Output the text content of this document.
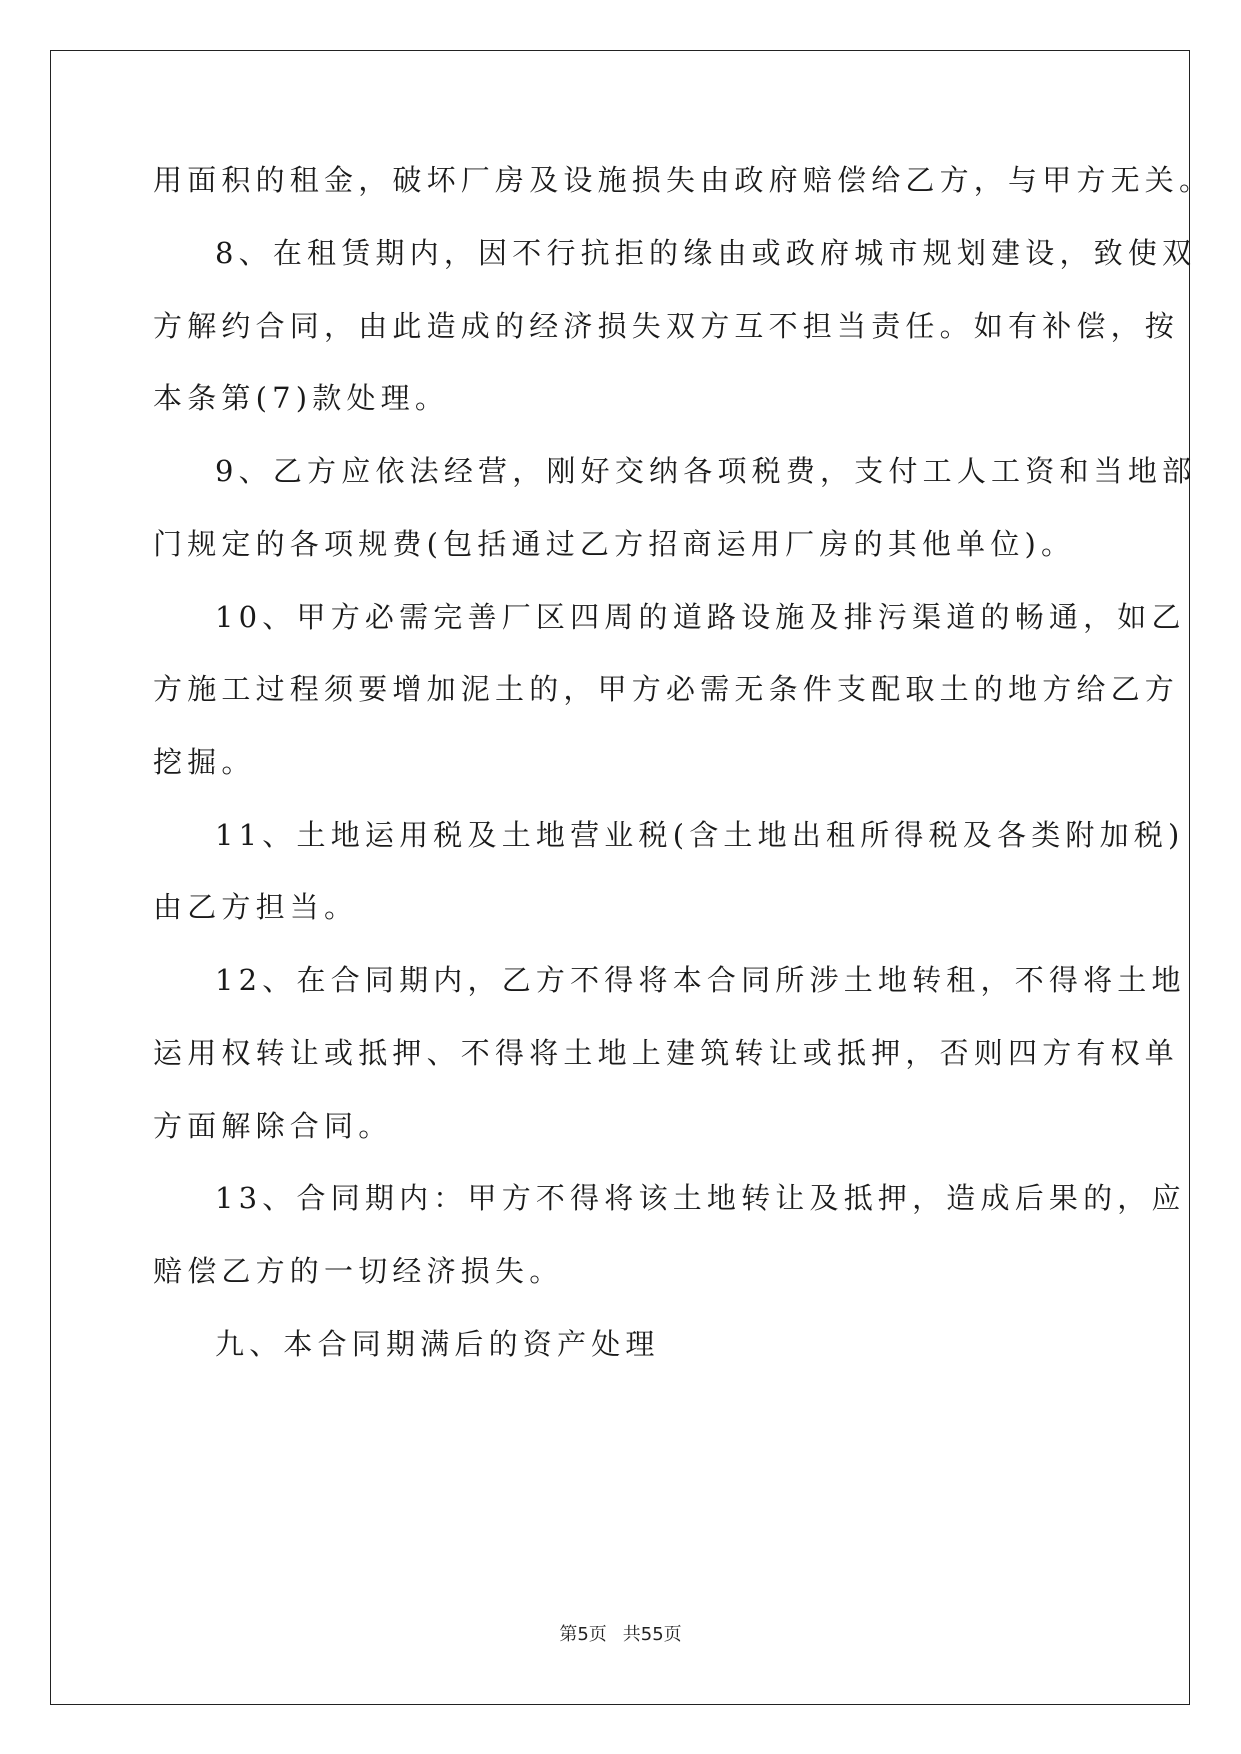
用面积的租金，破坏厂房及设施损失由政府赔偿给乙方，与甲方无关。
8、在租赁期内，因不行抗拒的缘由或政府城市规划建设，致使双
方解约合同，由此造成的经济损失双方互不担当责任。如有补偿，按
本条第(7)款处理。
9、乙方应依法经营，刚好交纳各项税费，支付工人工资和当地部
门规定的各项规费(包括通过乙方招商运用厂房的其他单位)。
10、甲方必需完善厂区四周的道路设施及排污渠道的畅通，如乙
方施工过程须要增加泥土的，甲方必需无条件支配取土的地方给乙方
挖掘。
11、土地运用税及土地营业税(含土地出租所得税及各类附加税)
由乙方担当。
12、在合同期内，乙方不得将本合同所涉土地转租，不得将土地
运用权转让或抵押、不得将土地上建筑转让或抵押，否则四方有权单
方面解除合同。
13、合同期内：甲方不得将该土地转让及抵押，造成后果的，应
赔偿乙方的一切经济损失。
九、本合同期满后的资产处理
第5页 共55页
